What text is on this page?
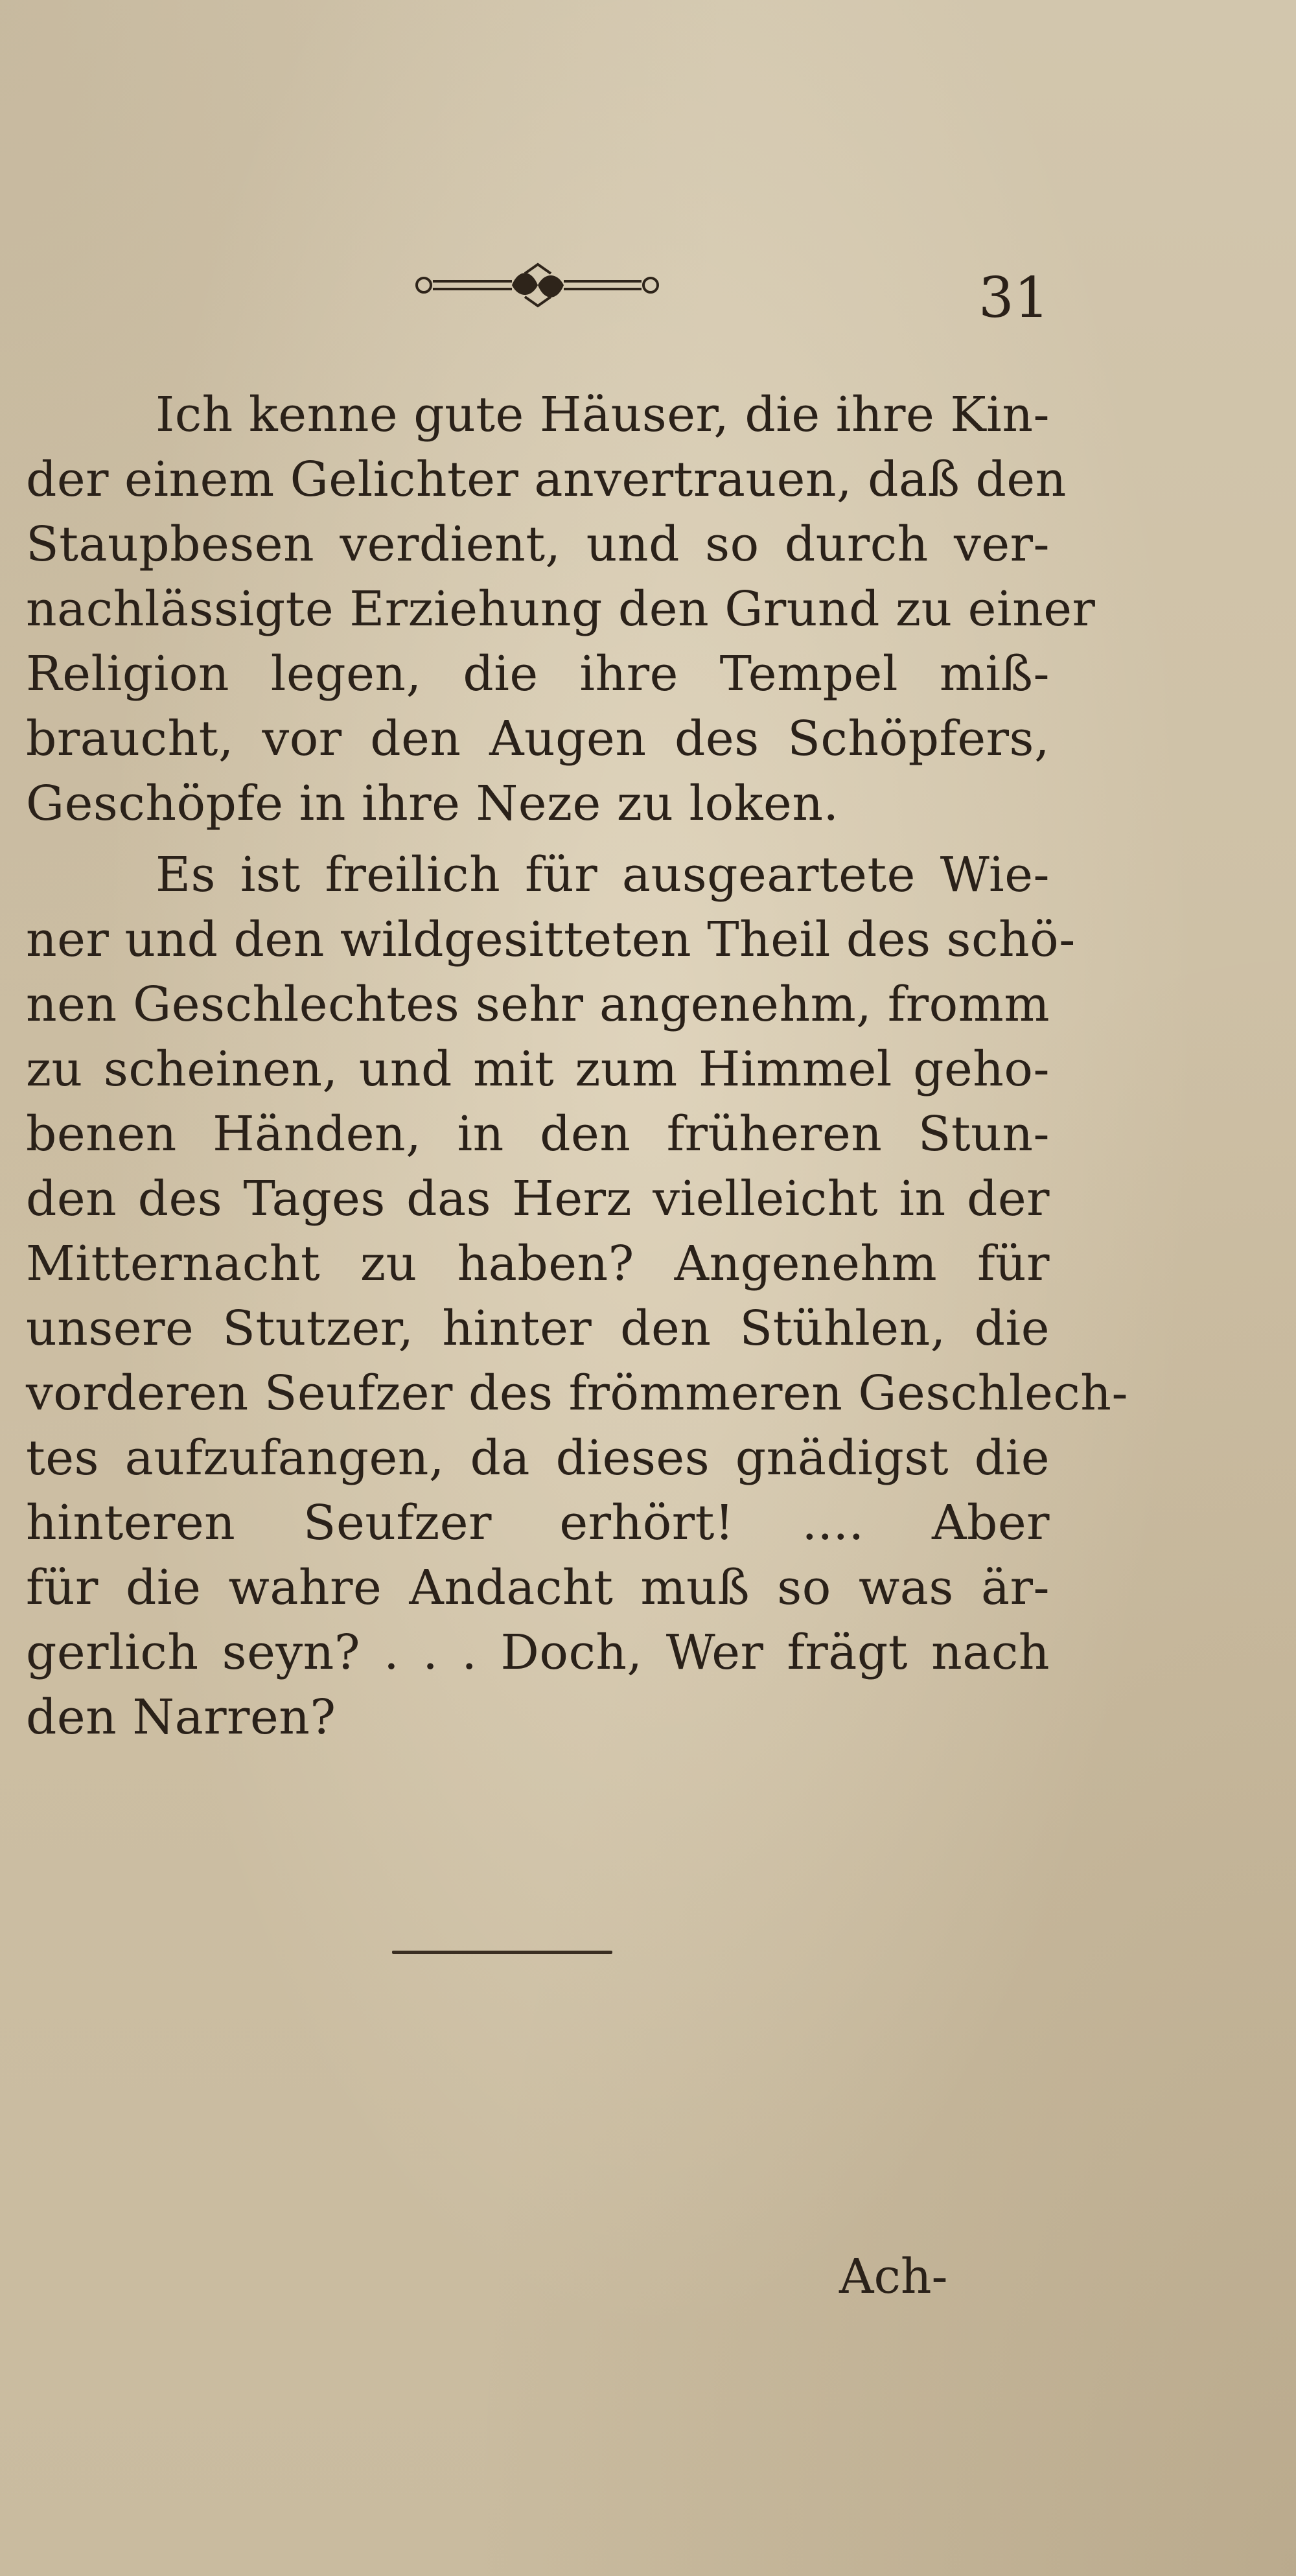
31
Ich kenne gute Häuser, die ihre Kin-
der einem Gelichter anvertrauen, daß den
Staupbesen verdient, und so durch ver-
nachlässigte Erziehung den Grund zu einer
Religion legen, die ihre Tempel miß-
braucht, vor den Augen des Schöpfers,
Geschöpfe in ihre Neze zu loken.
Es ist freilich für ausgeartete Wie-
ner und den wildgesitteten Theil des schö-
nen Geschlechtes sehr angenehm, fromm
zu scheinen, und mit zum Himmel geho-
benen Händen, in den früheren Stun-
den des Tages das Herz vielleicht in der
Mitternacht zu haben? Angenehm für
unsere Stutzer, hinter den Stühlen, die
vorderen Seufzer des frömmeren Geschlech-
tes aufzufangen, da dieses gnädigst die
hinteren Seufzer erhört! .... Aber
für die wahre Andacht muß so was är-
gerlich seyn? . . . Doch, Wer frägt nach
den Narren?
Ach-
